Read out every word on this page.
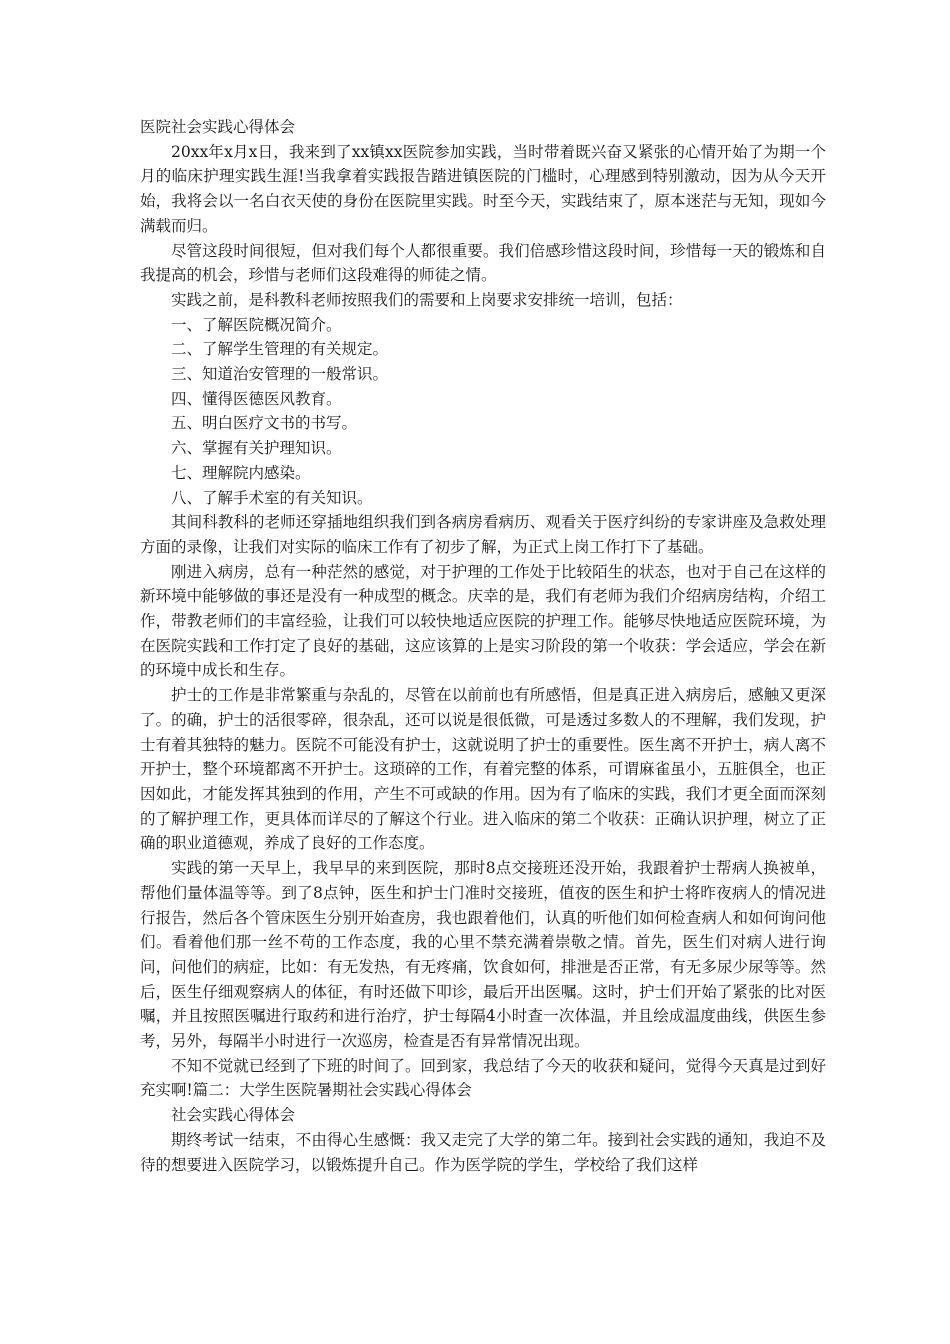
医院社会实践心得体会

20xx年x月x日，我来到了xx镇xx医院参加实践，当时带着既兴奋又紧张的心情开始了为期一个月的临床护理实践生涯!当我拿着实践报告踏进镇医院的门槛时，心理感到特别激动，因为从今天开始，我将会以一名白衣天使的身份在医院里实践。时至今天，实践结束了，原本迷茫与无知，现如今满载而归。

尽管这段时间很短，但对我们每个人都很重要。我们倍感珍惜这段时间，珍惜每一天的锻炼和自我提高的机会，珍惜与老师们这段难得的师徒之情。

实践之前，是科教科老师按照我们的需要和上岗要求安排统一培训，包括：

一、了解医院概况简介。

二、了解学生管理的有关规定。

三、知道治安管理的一般常识。

四、懂得医德医风教育。

五、明白医疗文书的书写。

六、掌握有关护理知识。

七、理解院内感染。

八、了解手术室的有关知识。

其间科教科的老师还穿插地组织我们到各病房看病历、观看关于医疗纠纷的专家讲座及急救处理方面的录像，让我们对实际的临床工作有了初步了解，为正式上岗工作打下了基础。

刚进入病房，总有一种茫然的感觉，对于护理的工作处于比较陌生的状态，也对于自己在这样的新环境中能够做的事还是没有一种成型的概念。庆幸的是，我们有老师为我们介绍病房结构，介绍工作，带教老师们的丰富经验，让我们可以较快地适应医院的护理工作。能够尽快地适应医院环境，为在医院实践和工作打定了良好的基础，这应该算的上是实习阶段的第一个收获：学会适应，学会在新的环境中成长和生存。

护士的工作是非常繁重与杂乱的，尽管在以前前也有所感悟，但是真正进入病房后，感触又更深了。的确，护士的活很零碎，很杂乱，还可以说是很低微，可是透过多数人的不理解，我们发现，护士有着其独特的魅力。医院不可能没有护士，这就说明了护士的重要性。医生离不开护士，病人离不开护士，整个环境都离不开护士。这琐碎的工作，有着完整的体系，可谓麻雀虽小，五脏俱全，也正因如此，才能发挥其独到的作用，产生不可或缺的作用。因为有了临床的实践，我们才更全面而深刻的了解护理工作，更具体而详尽的了解这个行业。进入临床的第二个收获：正确认识护理，树立了正确的职业道德观，养成了良好的工作态度。

实践的第一天早上，我早早的来到医院，那时8点交接班还没开始，我跟着护士帮病人换被单，帮他们量体温等等。到了8点钟，医生和护士门准时交接班，值夜的医生和护士将昨夜病人的情况进行报告，然后各个管床医生分别开始查房，我也跟着他们，认真的听他们如何检查病人和如何询问他们。看着他们那一丝不苟的工作态度，我的心里不禁充满着崇敬之情。首先，医生们对病人进行询问，问他们的病症，比如：有无发热，有无疼痛，饮食如何，排泄是否正常，有无多尿少尿等等。然后，医生仔细观察病人的体征，有时还做下叩诊，最后开出医嘱。这时，护士们开始了紧张的比对医嘱，并且按照医嘱进行取药和进行治疗，护士每隔4小时查一次体温，并且绘成温度曲线，供医生参考，另外，每隔半小时进行一次巡房，检查是否有异常情况出现。

不知不觉就已经到了下班的时间了。回到家，我总结了今天的收获和疑问，觉得今天真是过到好充实啊!篇二：大学生医院暑期社会实践心得体会

社会实践心得体会

期终考试一结束，不由得心生感慨：我又走完了大学的第二年。接到社会实践的通知，我迫不及待的想要进入医院学习，以锻炼提升自己。作为医学院的学生，学校给了我们这样
